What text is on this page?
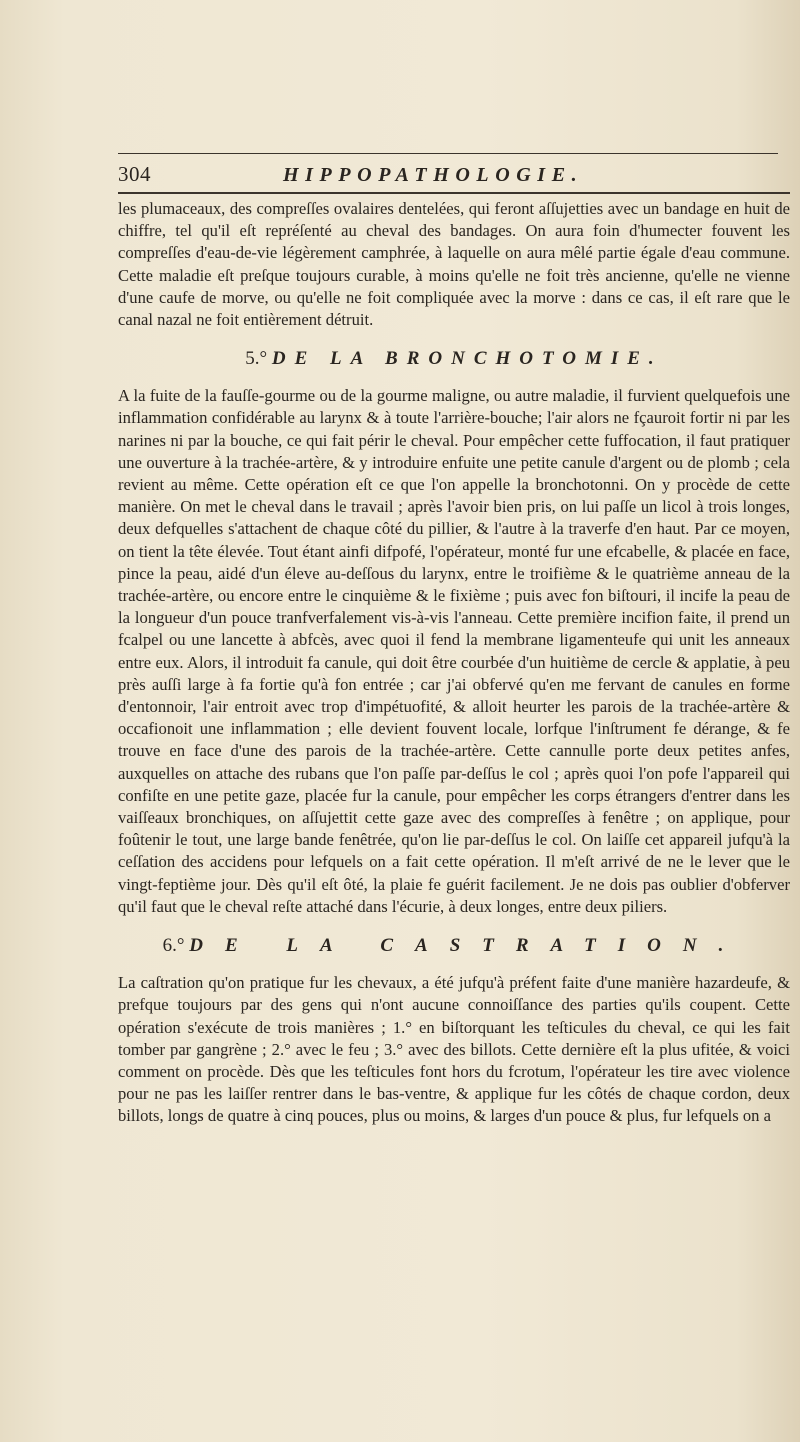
304	HIPPOPATHOLOGIE.

les plumaceaux, des compreſſes ovalaires dentelées, qui feront aſſujetties avec un bandage en huit de chiffre, tel qu'il eſt repréſenté au cheval des bandages. On aura foin d'humecter fouvent les compreſſes d'eau-de-vie légèrement camphrée, à laquelle on aura mêlé partie égale d'eau commune. Cette maladie eſt preſque toujours curable, à moins qu'elle ne foit très ancienne, qu'elle ne vienne d'une caufe de morve, ou qu'elle ne foit compliquée avec la morve : dans ce cas, il eſt rare que le canal nazal ne foit entièrement détruit.

5.° DE LA BRONCHOTOMIE.

A la fuite de la fauſſe-gourme ou de la gourme maligne, ou autre maladie, il furvient quelquefois une inflammation confidérable au larynx & à toute l'arrière-bouche; l'air alors ne fçauroit fortir ni par les narines ni par la bouche, ce qui fait périr le cheval. Pour empêcher cette fuffocation, il faut pratiquer une ouverture à la trachée-artère, & y introduire enfuite une petite canule d'argent ou de plomb ; cela revient au même. Cette opération eſt ce que l'on appelle la bronchotonni. On y procède de cette manière. On met le cheval dans le travail ; après l'avoir bien pris, on lui paſſe un licol à trois longes, deux defquelles s'attachent de chaque côté du pillier, & l'autre à la traverfe d'en haut. Par ce moyen, on tient la tête élevée. Tout étant ainfi difpofé, l'opérateur, monté fur une efcabelle, & placée en face, pince la peau, aidé d'un éleve au-deſſous du larynx, entre le troifième & le quatrième anneau de la trachée-artère, ou encore entre le cinquième & le fixième ; puis avec fon biſtouri, il incife la peau de la longueur d'un pouce tranfverfalement vis-à-vis l'anneau. Cette première incifion faite, il prend un fcalpel ou une lancette à abfcès, avec quoi il fend la membrane ligamenteufe qui unit les anneaux entre eux. Alors, il introduit fa canule, qui doit être courbée d'un huitième de cercle & applatie, à peu près auſſi large à fa fortie qu'à fon entrée ; car j'ai obfervé qu'en me fervant de canules en forme d'entonnoir, l'air entroit avec trop d'impétuofité, & alloit heurter les parois de la trachée-artère & occafionoit une inflammation ; elle devient fouvent locale, lorfque l'inſtrument fe dérange, & fe trouve en face d'une des parois de la trachée-artère. Cette cannulle porte deux petites anfes, auxquelles on attache des rubans que l'on paſſe par-deſſus le col ; après quoi l'on pofe l'appareil qui confiſte en une petite gaze, placée fur la canule, pour empêcher les corps étrangers d'entrer dans les vaiſſeaux bronchiques, on aſſujettit cette gaze avec des compreſſes à fenêtre ; on applique, pour foûtenir le tout, une large bande fenêtrée, qu'on lie par-deſſus le col. On laiſſe cet appareil jufqu'à la ceſſation des accidens pour lefquels on a fait cette opération. Il m'eſt arrivé de ne le lever que le vingt-feptième jour. Dès qu'il eſt ôté, la plaie fe guérit facilement. Je ne dois pas oublier d'obferver qu'il faut que le cheval reſte attaché dans l'écurie, à deux longes, entre deux piliers.

6.° DE LA CASTRATION.

La caſtration qu'on pratique fur les chevaux, a été jufqu'à préfent faite d'une manière hazardeufe, & prefque toujours par des gens qui n'ont aucune connoiſſance des parties qu'ils coupent. Cette opération s'exécute de trois manières ; 1.° en biſtorquant les teſticules du cheval, ce qui les fait tomber par gangrène ; 2.° avec le feu ; 3.° avec des billots. Cette dernière eſt la plus ufitée, & voici comment on procède. Dès que les teſticules font hors du fcrotum, l'opérateur les tire avec violence pour ne pas les laiſſer rentrer dans le bas-ventre, & applique fur les côtés de chaque cordon, deux billots, longs de quatre à cinq pouces, plus ou moins, & larges d'un pouce & plus, fur lefquels on a
